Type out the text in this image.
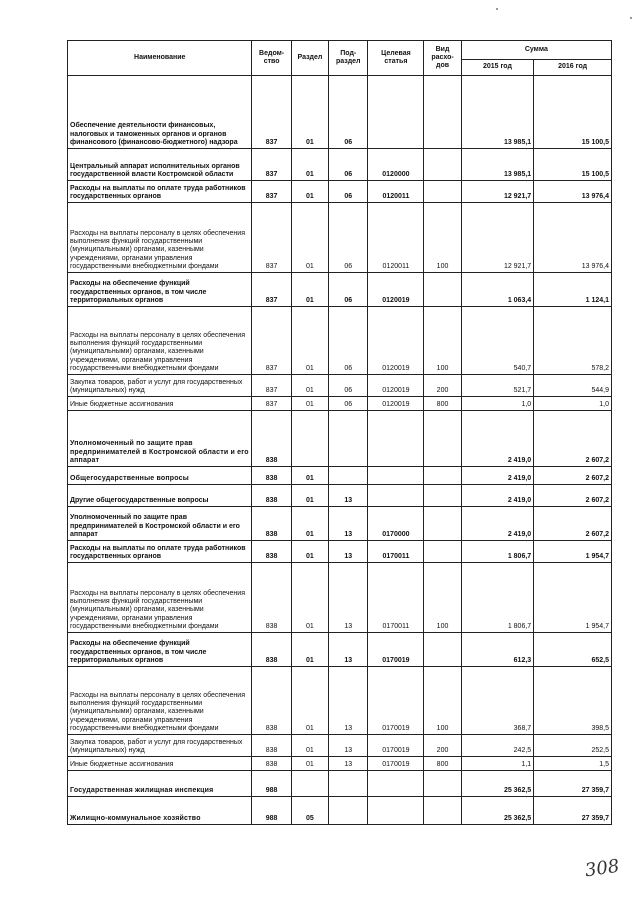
Наименование	Ведом-ство	Раздел	Под-раздел	Целевая статья	Вид расхо-дов	Сумма	
						2015 год	2016 год
Обеспечение деятельности финансовых, налоговых и таможенных органов и органов финансового (финансово-бюджетного) надзора	837	01	06			13 985,1	15 100,5
Центральный аппарат исполнительных органов государственной власти Костромской области	837	01	06	0120000		13 985,1	15 100,5
Расходы на выплаты по оплате труда работников государственных органов	837	01	06	0120011		12 921,7	13 976,4
Расходы на выплаты персоналу в целях обеспечения выполнения функций государственными (муниципальными) органами, казенными учреждениями, органами управления государственными внебюджетными фондами	837	01	06	0120011	100	12 921,7	13 976,4
Расходы на обеспечение функций государственных органов, в том числе территориальных органов	837	01	06	0120019		1 063,4	1 124,1
Расходы на выплаты персоналу в целях обеспечения выполнения функций государственными (муниципальными) органами, казенными учреждениями, органами управления государственными внебюджетными фондами	837	01	06	0120019	100	540,7	578,2
Закупка товаров, работ и услуг для государственных (муниципальных) нужд	837	01	06	0120019	200	521,7	544,9
Иные бюджетные ассигнования	837	01	06	0120019	800	1,0	1,0
Уполномоченный по защите прав предпринимателей в Костромской области и его аппарат	838					2 419,0	2 607,2
Общегосударственные вопросы	838	01				2 419,0	2 607,2
Другие общегосударственные вопросы	838	01	13			2 419,0	2 607,2
Уполномоченный по защите прав предпринимателей в Костромской области и его аппарат	838	01	13	0170000		2 419,0	2 607,2
Расходы на выплаты по оплате труда работников государственных органов	838	01	13	0170011		1 806,7	1 954,7
Расходы на выплаты персоналу в целях обеспечения выполнения функций государственными (муниципальными) органами, казенными учреждениями, органами управления государственными внебюджетными фондами	838	01	13	0170011	100	1 806,7	1 954,7
Расходы на обеспечение функций государственных органов, в том числе территориальных органов	838	01	13	0170019		612,3	652,5
Расходы на выплаты персоналу в целях обеспечения выполнения функций государственными (муниципальными) органами, казенными учреждениями, органами управления государственными внебюджетными фондами	838	01	13	0170019	100	368,7	398,5
Закупка товаров, работ и услуг для государственных (муниципальных) нужд	838	01	13	0170019	200	242,5	252,5
Иные бюджетные ассигнования	838	01	13	0170019	800	1,1	1,5
Государственная жилищная инспекция	988					25 362,5	27 359,7
Жилищно-коммунальное хозяйство	988	05				25 362,5	27 359,7
308
